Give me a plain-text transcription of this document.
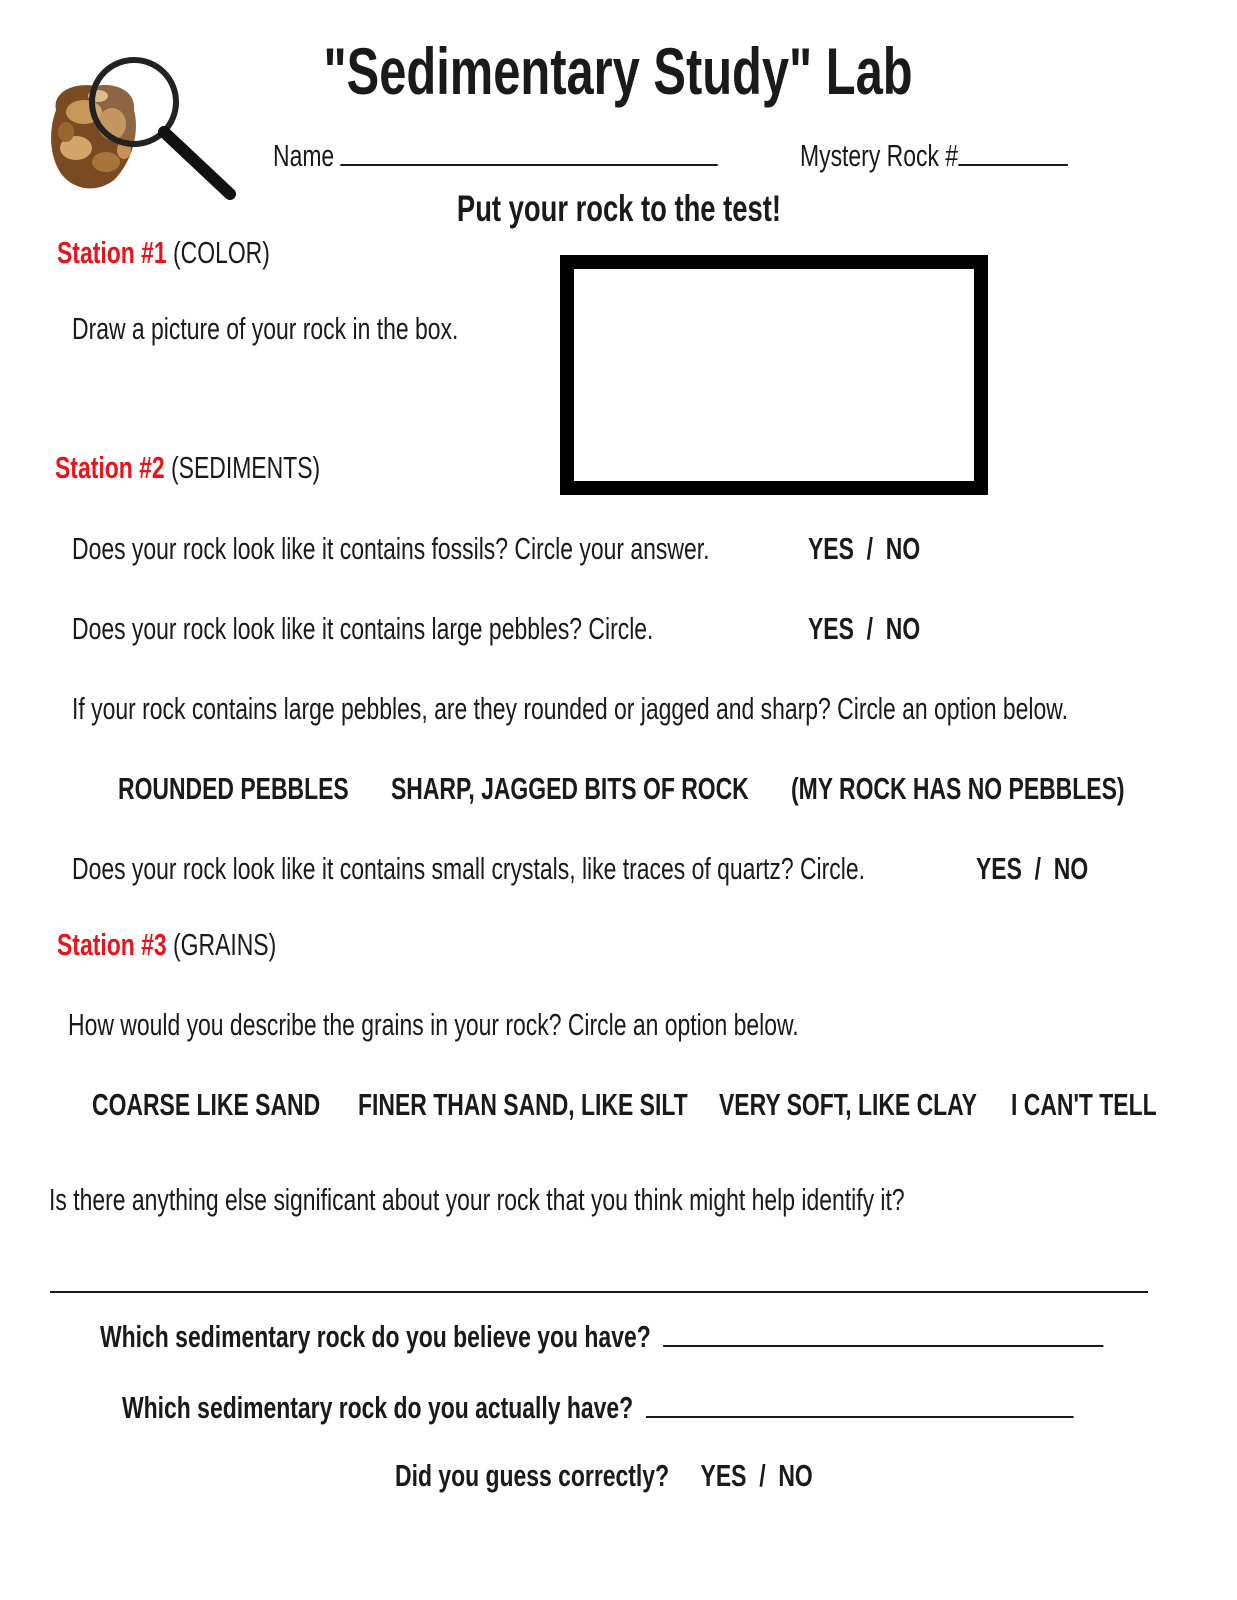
"Sedimentary Study" Lab
Name	Mystery Rock #
Put your rock to the test!
Station #1 (COLOR)
Draw a picture of your rock in the box.
Station #2 (SEDIMENTS)
Does your rock look like it contains fossils? Circle your answer.	YES / NO
Does your rock look like it contains large pebbles? Circle.	YES / NO
If your rock contains large pebbles, are they rounded or jagged and sharp? Circle an option below.
ROUNDED PEBBLES	SHARP, JAGGED BITS OF ROCK	(MY ROCK HAS NO PEBBLES)
Does your rock look like it contains small crystals, like traces of quartz? Circle.	YES / NO
Station #3 (GRAINS)
How would you describe the grains in your rock? Circle an option below.
COARSE LIKE SAND	FINER THAN SAND, LIKE SILT	VERY SOFT, LIKE CLAY	I CAN'T TELL
Is there anything else significant about your rock that you think might help identify it?
Which sedimentary rock do you believe you have?
Which sedimentary rock do you actually have?
Did you guess correctly? YES / NO
